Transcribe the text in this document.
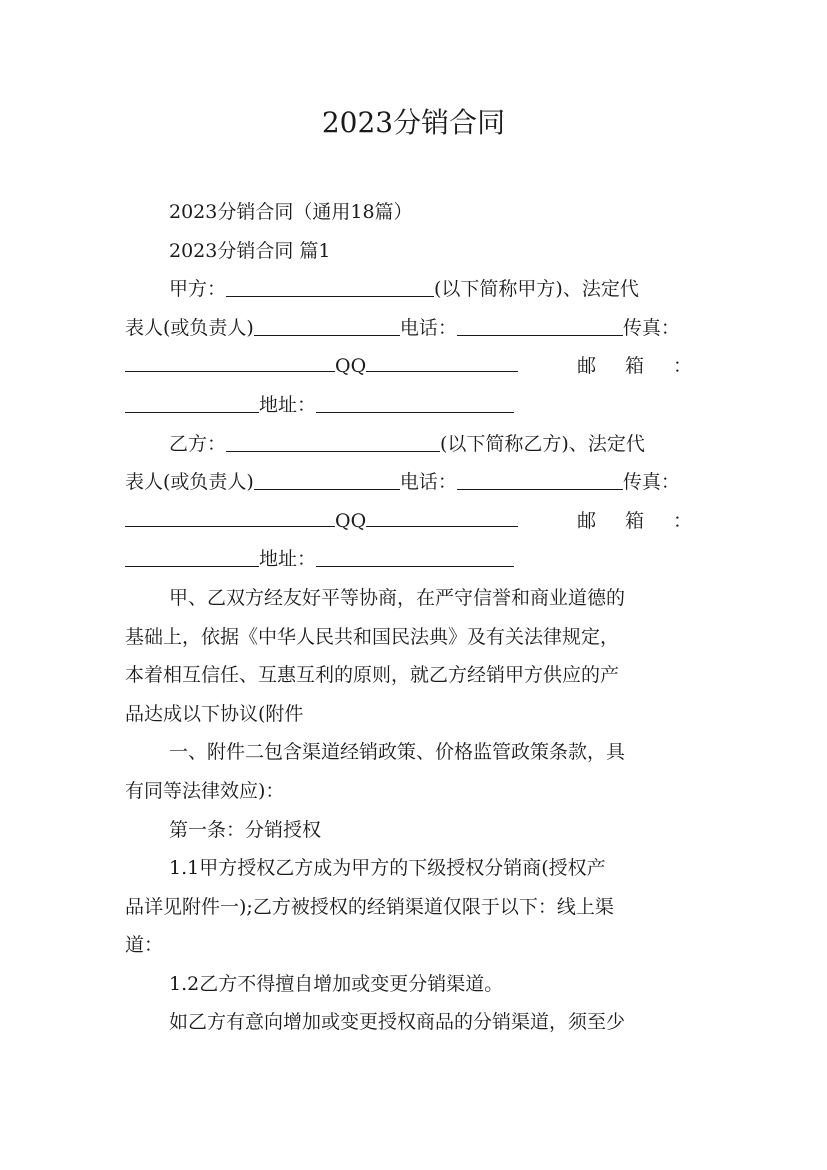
2023分销合同

2023分销合同（通用18篇）

2023分销合同 篇1

甲方：	(以下简称甲方)、法定代

表人(或负责人)	电话：	传真：

QQ	邮 箱 ：

地址：

乙方：	(以下简称乙方)、法定代

表人(或负责人)	电话：	传真：

QQ	邮 箱 ：

地址：

甲、乙双方经友好平等协商，在严守信誉和商业道德的

基础上，依据《中华人民共和国民法典》及有关法律规定，

本着相互信任、互惠互利的原则，就乙方经销甲方供应的产

品达成以下协议(附件

一、附件二包含渠道经销政策、价格监管政策条款，具

有同等法律效应)：

第一条：分销授权

1.1甲方授权乙方成为甲方的下级授权分销商(授权产

品详见附件一);乙方被授权的经销渠道仅限于以下：线上渠

道：

1.2乙方不得擅自增加或变更分销渠道。

如乙方有意向增加或变更授权商品的分销渠道，须至少
